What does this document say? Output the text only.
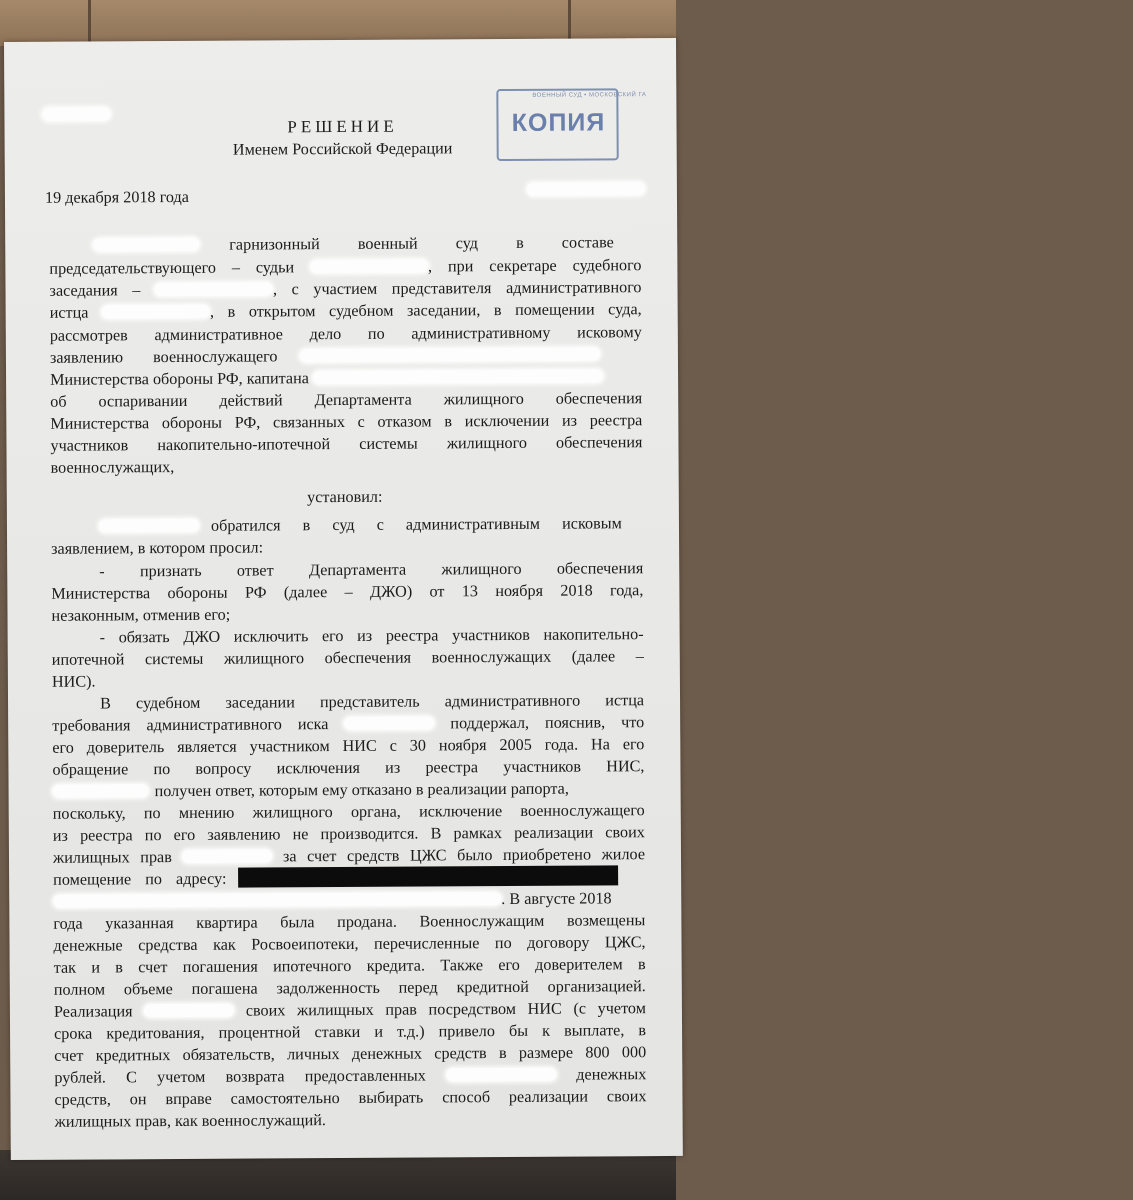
ВОЕННЫЙ СУД • МОСКОВСКИЙ ГА
КОПИЯ
РЕШЕНИЕ
Именем Российской Федерации
19 декабря 2018 года
гарнизонный военный суд в составе
председательствующего – судьи	, при секретаре судебного
заседания –	, с участием представителя административного
истца	, в открытом судебном заседании, в помещении суда,
рассмотрев административное дело по административному исковому
заявлению военнослужащего
Министерства обороны РФ, капитана
об оспаривании действий Департамента жилищного обеспечения
Министерства обороны РФ, связанных с отказом в исключении из реестра
участников накопительно-ипотечной системы жилищного обеспечения
военнослужащих,
установил:
обратился в суд с административным исковым
заявлением, в котором просил:
- признать ответ Департамента жилищного обеспечения
Министерства обороны РФ (далее – ДЖО) от 13 ноября 2018 года,
незаконным, отменив его;
- обязать ДЖО исключить его из реестра участников накопительно-
ипотечной системы жилищного обеспечения военнослужащих (далее –
НИС).
В судебном заседании представитель административного истца
требования административного иска	поддержал, пояснив, что
его доверитель является участником НИС с 30 ноября 2005 года. На его
обращение по вопросу исключения из реестра участников НИС,
получен ответ, которым ему отказано в реализации рапорта,
поскольку, по мнению жилищного органа, исключение военнослужащего
из реестра по его заявлению не производится. В рамках реализации своих
жилищных прав	за счет средств ЦЖС было приобретено жилое
помещение по адресу:
. В августе 2018
года указанная квартира была продана. Военнослужащим возмещены
денежные средства как Росвоеипотеки, перечисленные по договору ЦЖС,
так и в счет погашения ипотечного кредита. Также его доверителем в
полном объеме погашена задолженность перед кредитной организацией.
Реализация	своих жилищных прав посредством НИС (с учетом
срока кредитования, процентной ставки и т.д.) привело бы к выплате, в
счет кредитных обязательств, личных денежных средств в размере 800 000
рублей. С учетом возврата предоставленных	денежных
средств, он вправе самостоятельно выбирать способ реализации своих
жилищных прав, как военнослужащий.
